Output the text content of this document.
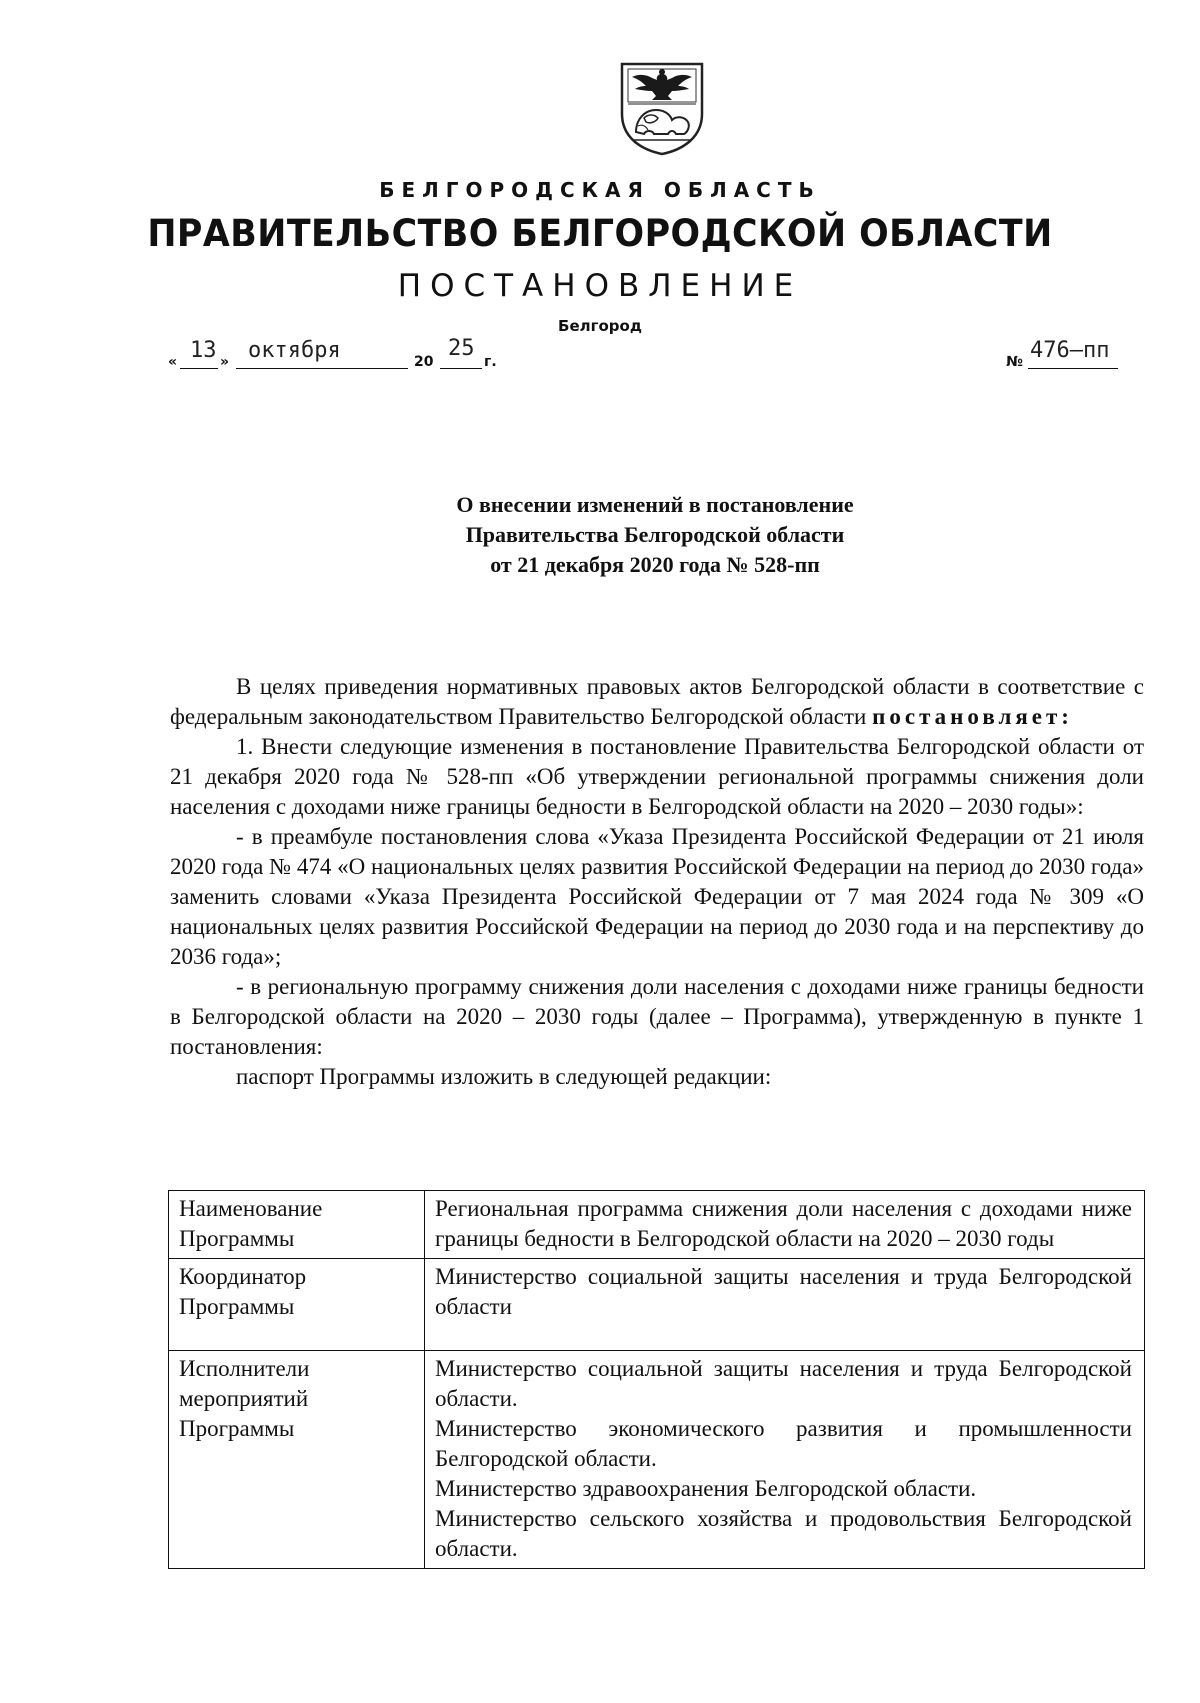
БЕЛГОРОДСКАЯ ОБЛАСТЬ
ПРАВИТЕЛЬСТВО БЕЛГОРОДСКОЙ ОБЛАСТИ
ПОСТАНОВЛЕНИЕ
Белгород
« 13 » октября	20
25
г.	№ 476–пп
О внесении изменений в постановление
Правительства Белгородской области
от 21 декабря 2020 года № 528-пп

В целях приведения нормативных правовых актов Белгородской области в соответствие с федеральным законодательством Правительство Белгородской области постановляет:

1. Внести следующие изменения в постановление Правительства Белгородской области от 21 декабря 2020 года № 528-пп «Об утверждении региональной программы снижения доли населения с доходами ниже границы бедности в Белгородской области на 2020 – 2030 годы»:

- в преамбуле постановления слова «Указа Президента Российской Федерации от 21 июля 2020 года № 474 «О национальных целях развития Российской Федерации на период до 2030 года» заменить словами «Указа Президента Российской Федерации от 7 мая 2024 года № 309 «О национальных целях развития Российской Федерации на период до 2030 года и на перспективу до 2036 года»;

- в региональную программу снижения доли населения с доходами ниже границы бедности в Белгородской области на 2020 – 2030 годы (далее – Программа), утвержденную в пункте 1 постановления:

паспорт Программы изложить в следующей редакции:

Наименование Программы	Региональная программа снижения доли населения с доходами ниже границы бедности в Белгородской области на 2020 – 2030 годы

Координатор Программы	Министерство социальной защиты населения и труда Белгородской области

Исполнители мероприятий Программы	Министерство социальной защиты населения и труда Белгородской области.
Министерство экономического развития и промышленности Белгородской области.
Министерство здравоохранения Белгородской области.
Министерство сельского хозяйства и продовольствия Белгородской области.
